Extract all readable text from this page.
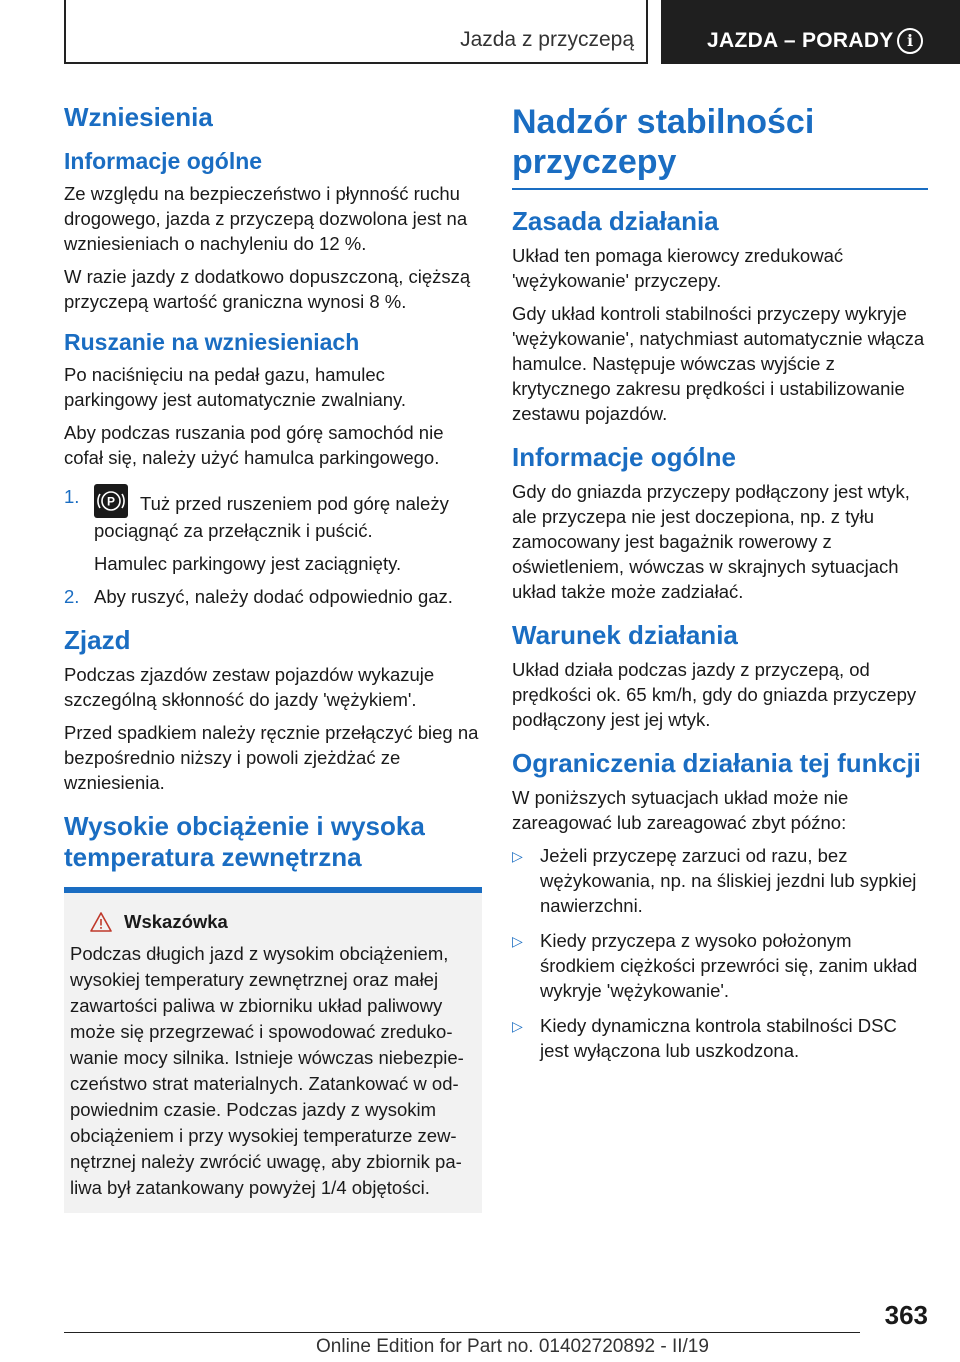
Jazda z przyczepą	JAZDA – PORADY i
Wzniesienia
Informacje ogólne

Ze względu na bezpieczeństwo i płynność ruchu drogowego, jazda z przyczepą dozwolona jest na wzniesieniach o nachyleniu do 12 %.

W razie jazdy z dodatkowo dopuszczoną, cięższą przyczepą wartość graniczna wynosi 8 %.

Ruszanie na wzniesieniach

Po naciśnięciu na pedał gazu, hamulec parkingowy jest automatycznie zwalniany.

Aby podczas ruszania pod górę samochód nie cofał się, należy użyć hamulca parkingowego.

1. P Tuż przed ruszeniem pod górę należy pociągnąć za przełącznik i puścić.
Hamulec parkingowy jest zaciągnięty.
2. Aby ruszyć, należy dodać odpowiednio gaz.
Zjazd

Podczas zjazdów zestaw pojazdów wykazuje szczególną skłonność do jazdy 'wężykiem'.

Przed spadkiem należy ręcznie przełączyć bieg na bezpośrednio niższy i powoli zjeżdżać ze wzniesienia.

Wysokie obciążenie i wysoka temperatura zewnętrzna
Wskazówka

Podczas długich jazd z wysokim obciążeniem, wysokiej temperatury zewnętrznej oraz małej zawartości paliwa w zbiorniku układ paliwowy może się przegrzewać i spowodować zreduko-wanie mocy silnika. Istnieje wówczas niebezpie-czeństwo strat materialnych. Zatankować w od-powiednim czasie. Podczas jazdy z wysokim obciążeniem i przy wysokiej temperaturze zew-nętrznej należy zwrócić uwagę, aby zbiornik pa-liwa był zatankowany powyżej 1/4 objętości.

Nadzór stabilności przyczepy
Zasada działania

Układ ten pomaga kierowcy zredukować 'wężykowanie' przyczepy.

Gdy układ kontroli stabilności przyczepy wykryje 'wężykowanie', natychmiast automatycznie włącza hamulce. Następuje wówczas wyjście z krytycznego zakresu prędkości i ustabilizowanie zestawu pojazdów.

Informacje ogólne

Gdy do gniazda przyczepy podłączony jest wtyk, ale przyczepa nie jest doczepiona, np. z tyłu zamocowany jest bagażnik rowerowy z oświetleniem, wówczas w skrajnych sytuacjach układ także może zadziałać.

Warunek działania

Układ działa podczas jazdy z przyczepą, od prędkości ok. 65 km/h, gdy do gniazda przyczepy podłączony jest jej wtyk.

Ograniczenia działania tej funkcji

W poniższych sytuacjach układ może nie zareagować lub zareagować zbyt późno:

▷ Jeżeli przyczepę zarzuci od razu, bez wężykowania, np. na śliskiej jezdni lub sypkiej nawierzchni.
▷ Kiedy przyczepa z wysoko położonym środkiem ciężkości przewróci się, zanim układ wykryje 'wężykowanie'.
▷ Kiedy dynamiczna kontrola stabilności DSC jest wyłączona lub uszkodzona.
363
Online Edition for Part no. 01402720892 - II/19
